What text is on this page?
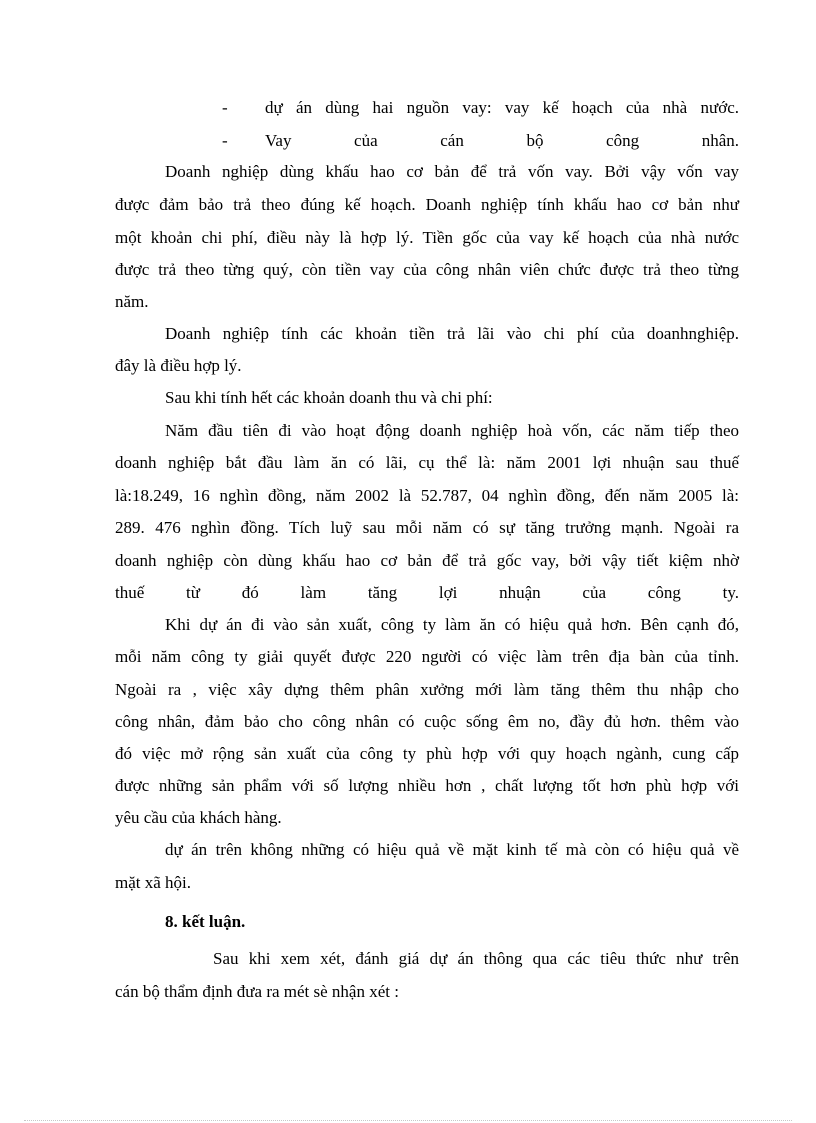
- dự án dùng hai nguồn vay: vay kế hoạch của nhà nước.
- Vay của cán bộ công nhân.
Doanh nghiệp dùng khấu hao cơ bản để trả vốn vay. Bởi vậy vốn vay
được đảm bảo trả theo đúng kế hoạch. Doanh nghiệp tính khấu hao cơ bản như
một khoản chi phí, điều này là hợp lý. Tiền gốc của vay kế hoạch của nhà nước
được trả theo từng quý, còn tiền vay của công nhân viên chức được trả theo từng
năm.
Doanh nghiệp tính các khoản tiền trả lãi vào chi phí của doanhnghiệp.
đây là điều hợp lý.
Sau khi tính hết các khoản doanh thu và chi phí:
Năm đầu tiên đi vào hoạt động doanh nghiệp hoà vốn, các năm tiếp theo
doanh nghiệp bắt đầu làm ăn có lãi, cụ thể là: năm 2001 lợi nhuận sau thuế
là:18.249, 16 nghìn đồng, năm 2002 là 52.787, 04 nghìn đồng, đến năm 2005 là:
289. 476 nghìn đồng. Tích luỹ sau mỗi năm có sự tăng trưởng mạnh. Ngoài ra
doanh nghiệp còn dùng khấu hao cơ bản để trả gốc vay, bởi vậy tiết kiệm nhờ
thuế từ đó làm tăng lợi nhuận của công ty.
Khi dự án đi vào sản xuất, công ty làm ăn có hiệu quả hơn. Bên cạnh đó,
mỗi năm công ty giải quyết được 220 người có việc làm trên địa bàn của tỉnh.
Ngoài ra , việc xây dựng thêm phân xưởng mới làm tăng thêm thu nhập cho
công nhân, đảm bảo cho công nhân có cuộc sống êm no, đầy đủ hơn. thêm vào
đó việc mở rộng sản xuất của công ty phù hợp với quy hoạch ngành, cung cấp
được những sản phẩm với số lượng nhiều hơn , chất lượng tốt hơn phù hợp với
yêu cầu của khách hàng.
dự án trên không những có hiệu quả về mặt kinh tế mà còn có hiệu quả về
mặt xã hội.
8. kết luận.
Sau khi xem xét, đánh giá dự án thông qua các tiêu thức như trên
cán bộ thẩm định đưa ra mét sè nhận xét :
